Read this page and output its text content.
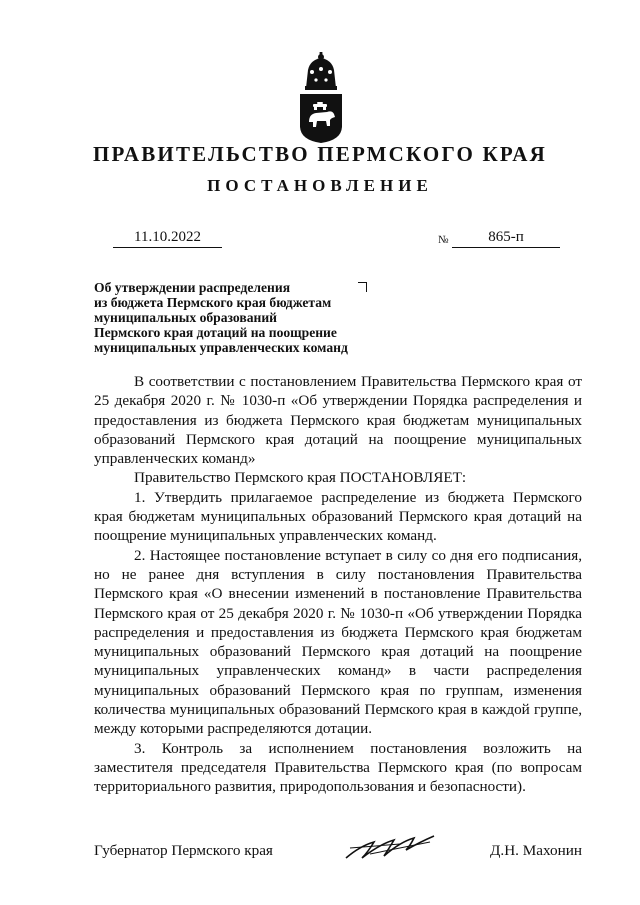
ПРАВИТЕЛЬСТВО ПЕРМСКОГО КРАЯ
ПОСТАНОВЛЕНИЕ
11.10.2022	№	865-п
Об утверждении распределения
из бюджета Пермского края бюджетам
муниципальных образований
Пермского края дотаций на поощрение
муниципальных управленческих команд

В соответствии с постановлением Правительства Пермского края от 25 декабря 2020 г. № 1030-п «Об утверждении Порядка распределения и предоставления из бюджета Пермского края бюджетам муниципальных образований Пермского края дотаций на поощрение муниципальных управленческих команд»

Правительство Пермского края ПОСТАНОВЛЯЕТ:

1. Утвердить прилагаемое распределение из бюджета Пермского края бюджетам муниципальных образований Пермского края дотаций на поощрение муниципальных управленческих команд.

2. Настоящее постановление вступает в силу со дня его подписания, но не ранее дня вступления в силу постановления Правительства Пермского края «О внесении изменений в постановление Правительства Пермского края от 25 декабря 2020 г. № 1030-п «Об утверждении Порядка распределения и предоставления из бюджета Пермского края бюджетам муниципальных образований Пермского края дотаций на поощрение муниципальных управленческих команд» в части распределения муниципальных образований Пермского края по группам, изменения количества муниципальных образований Пермского края в каждой группе, между которыми распределяются дотации.

3. Контроль за исполнением постановления возложить на заместителя председателя Правительства Пермского края (по вопросам территориального развития, природопользования и безопасности).

Губернатор Пермского края	Д.Н. Махонин
